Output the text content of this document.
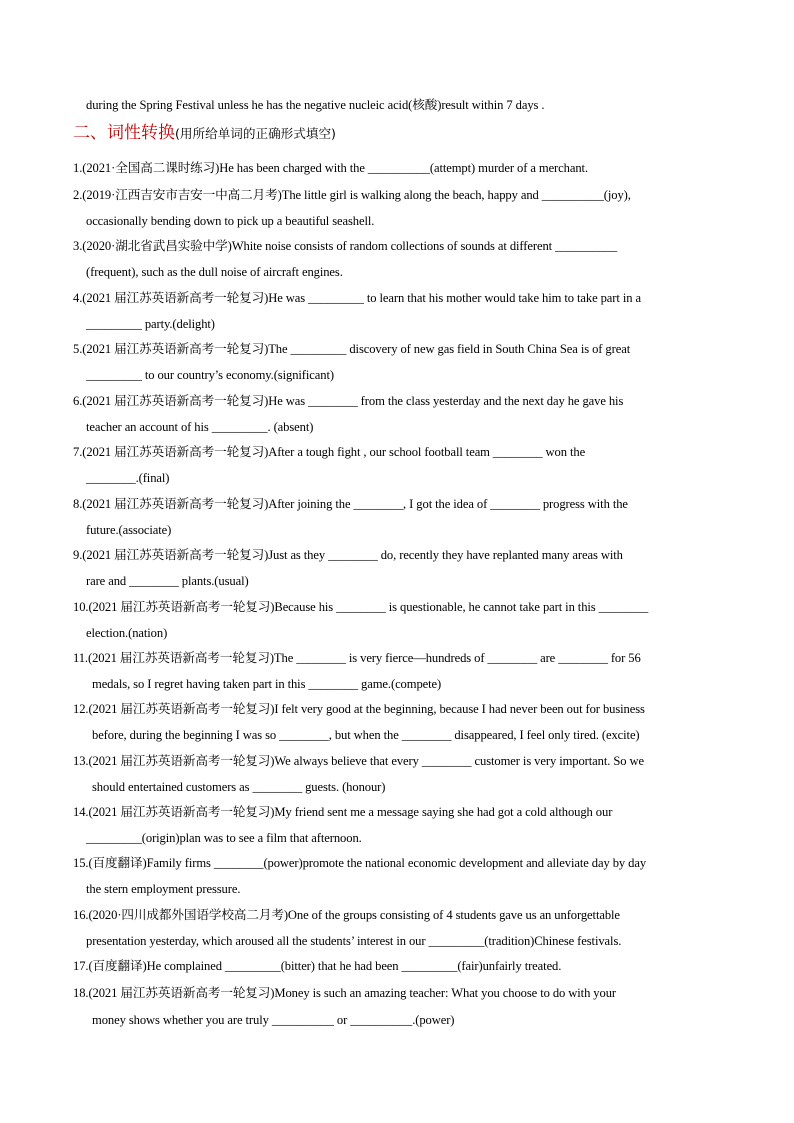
during the Spring Festival unless he has the negative nucleic acid(核酸)result within 7 days .
二、词性转换(用所给单词的正确形式填空)
1.(2021·全国高二课时练习)He has been charged with the __________(attempt) murder of a merchant.
2.(2019·江西吉安市吉安一中高二月考)The little girl is walking along the beach, happy and __________(joy),
occasionally bending down to pick up a beautiful seashell.
3.(2020·湖北省武昌实验中学)White noise consists of random collections of sounds at different __________
(frequent), such as the dull noise of aircraft engines.
4.(2021 届江苏英语新高考一轮复习)He was _________ to learn that his mother would take him to take part in a
_________ party.(delight)
5.(2021 届江苏英语新高考一轮复习)The _________ discovery of new gas field in South China Sea is of great
_________ to our country’s economy.(significant)
6.(2021 届江苏英语新高考一轮复习)He was ________ from the class yesterday and the next day he gave his
teacher an account of his _________. (absent)
7.(2021 届江苏英语新高考一轮复习)After a tough fight , our school football team ________ won the
________.(final)
8.(2021 届江苏英语新高考一轮复习)After joining the ________, I got the idea of ________ progress with the
future.(associate)
9.(2021 届江苏英语新高考一轮复习)Just as they ________ do, recently they have replanted many areas with
rare and ________ plants.(usual)
10.(2021 届江苏英语新高考一轮复习)Because his ________ is questionable, he cannot take part in this ________
election.(nation)
11.(2021 届江苏英语新高考一轮复习)The ________ is very fierce—hundreds of ________ are ________ for 56
medals, so I regret having taken part in this ________ game.(compete)
12.(2021 届江苏英语新高考一轮复习)I felt very good at the beginning, because I had never been out for business
before, during the beginning I was so ________, but when the ________ disappeared, I feel only tired. (excite)
13.(2021 届江苏英语新高考一轮复习)We always believe that every ________ customer is very important. So we
should entertained customers as ________ guests. (honour)
14.(2021 届江苏英语新高考一轮复习)My friend sent me a message saying she had got a cold although our
_________(origin)plan was to see a film that afternoon.
15.(百度翻译)Family firms ________(power)promote the national economic development and alleviate day by day
the stern employment pressure.
16.(2020·四川成都外国语学校高二月考)One of the groups consisting of 4 students gave us an unforgettable
presentation yesterday, which aroused all the students’ interest in our _________(tradition)Chinese festivals.
17.(百度翻译)He complained _________(bitter) that he had been _________(fair)unfairly treated.
18.(2021 届江苏英语新高考一轮复习)Money is such an amazing teacher: What you choose to do with your
money shows whether you are truly __________ or __________.(power)
